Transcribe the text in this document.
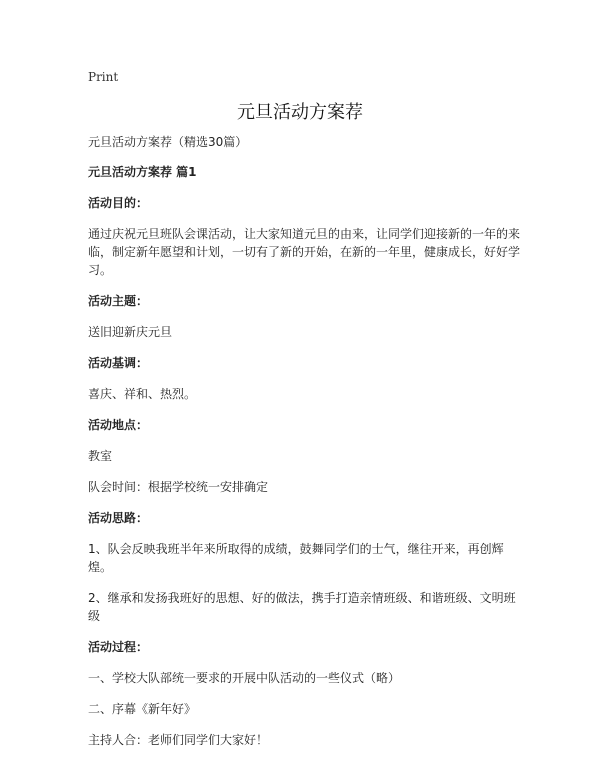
Print
元旦活动方案荐

元旦活动方案荐（精选30篇）

元旦活动方案荐 篇1

活动目的：

通过庆祝元旦班队会课活动，让大家知道元旦的由来，让同学们迎接新的一年的来临，制定新年愿望和计划，一切有了新的开始，在新的一年里，健康成长，好好学习。

活动主题：

送旧迎新庆元旦

活动基调：

喜庆、祥和、热烈。

活动地点：

教室

队会时间：根据学校统一安排确定

活动思路：

1、队会反映我班半年来所取得的成绩，鼓舞同学们的士气，继往开来，再创辉煌。

2、继承和发扬我班好的思想、好的做法，携手打造亲情班级、和谐班级、文明班级

活动过程：

一、学校大队部统一要求的开展中队活动的一些仪式（略）

二、序幕《新年好》

主持人合：老师们同学们大家好！
